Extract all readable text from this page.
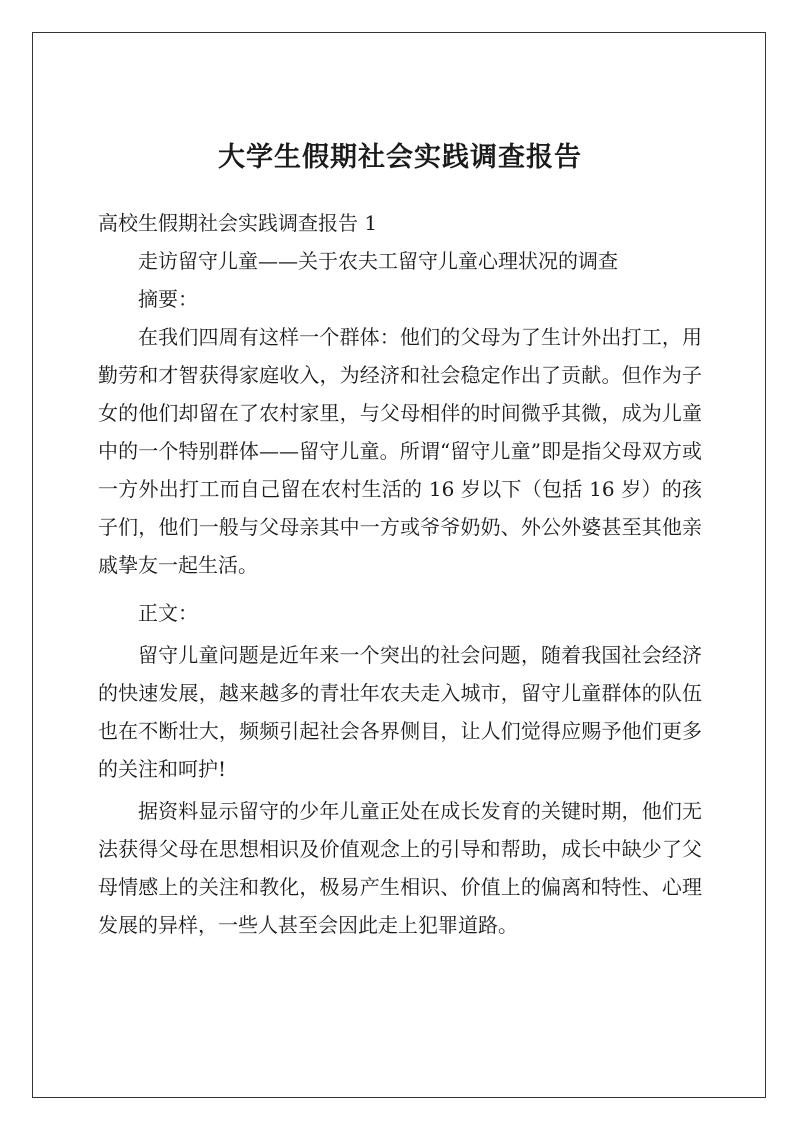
大学生假期社会实践调查报告
高校生假期社会实践调查报告 1

走访留守儿童——关于农夫工留守儿童心理状况的调查

摘要：

在我们四周有这样一个群体：他们的父母为了生计外出打工，用勤劳和才智获得家庭收入，为经济和社会稳定作出了贡献。但作为子女的他们却留在了农村家里，与父母相伴的时间微乎其微，成为儿童中的一个特别群体——留守儿童。所谓“留守儿童”即是指父母双方或一方外出打工而自己留在农村生活的 16 岁以下（包括 16 岁）的孩子们，他们一般与父母亲其中一方或爷爷奶奶、外公外婆甚至其他亲戚挚友一起生活。

正文：

留守儿童问题是近年来一个突出的社会问题，随着我国社会经济的快速发展，越来越多的青壮年农夫走入城市，留守儿童群体的队伍也在不断壮大，频频引起社会各界侧目，让人们觉得应赐予他们更多的关注和呵护!

据资料显示留守的少年儿童正处在成长发育的关键时期，他们无法获得父母在思想相识及价值观念上的引导和帮助，成长中缺少了父母情感上的关注和教化，极易产生相识、价值上的偏离和特性、心理发展的异样，一些人甚至会因此走上犯罪道路。
